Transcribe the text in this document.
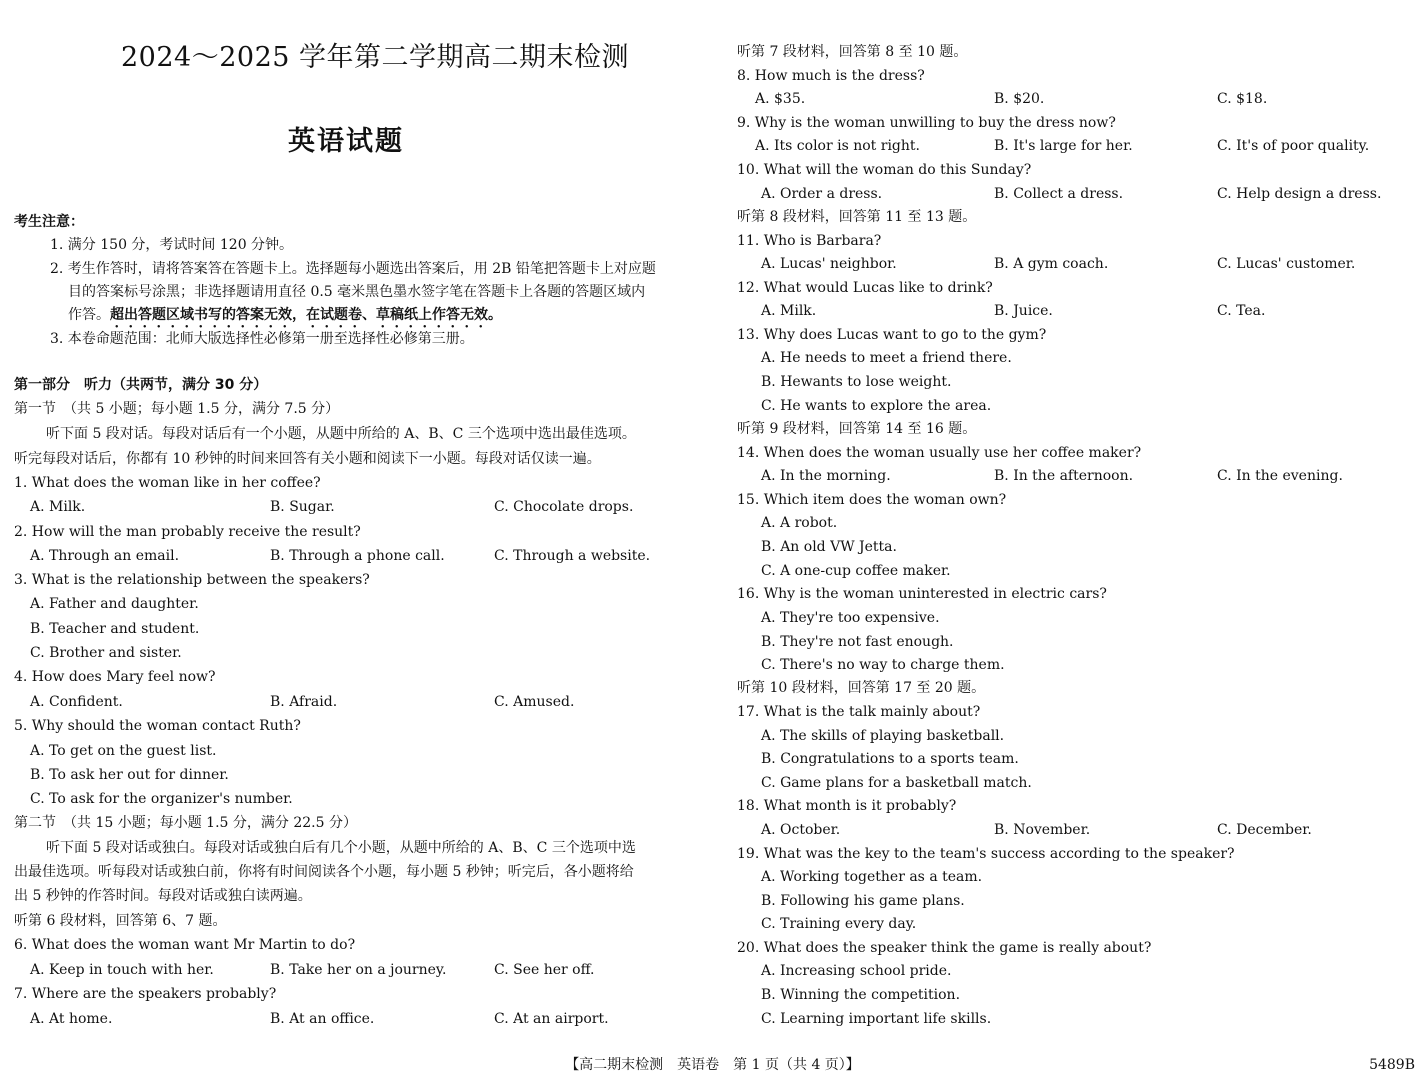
2024～2025 学年第二学期高二期末检测
英语试题
考生注意：
1. 满分 150 分，考试时间 120 分钟。
2. 考生作答时，请将答案答在答题卡上。选择题每小题选出答案后，用 2B 铅笔把答题卡上对应题
目的答案标号涂黑；非选择题请用直径 0.5 毫米黑色墨水签字笔在答题卡上各题的答题区域内
作答。超出答题区域书写的答案无效，在试题卷、草稿纸上作答无效。
3. 本卷命题范围：北师大版选择性必修第一册至选择性必修第三册。
第一部分　听力（共两节，满分 30 分）
第一节　（共 5 小题；每小题 1.5 分，满分 7.5 分）
听下面 5 段对话。每段对话后有一个小题，从题中所给的 A、B、C 三个选项中选出最佳选项。
听完每段对话后，你都有 10 秒钟的时间来回答有关小题和阅读下一小题。每段对话仅读一遍。
1. What does the woman like in her coffee?
A. Milk.	B. Sugar.	C. Chocolate drops.
2. How will the man probably receive the result?
A. Through an email.	B. Through a phone call.	C. Through a website.
3. What is the relationship between the speakers?
A. Father and daughter.
B. Teacher and student.
C. Brother and sister.
4. How does Mary feel now?
A. Confident.	B. Afraid.	C. Amused.
5. Why should the woman contact Ruth?
A. To get on the guest list.
B. To ask her out for dinner.
C. To ask for the organizer's number.
第二节　（共 15 小题；每小题 1.5 分，满分 22.5 分）
听下面 5 段对话或独白。每段对话或独白后有几个小题，从题中所给的 A、B、C 三个选项中选
出最佳选项。听每段对话或独白前，你将有时间阅读各个小题，每小题 5 秒钟；听完后，各小题将给
出 5 秒钟的作答时间。每段对话或独白读两遍。
听第 6 段材料，回答第 6、7 题。
6. What does the woman want Mr Martin to do?
A. Keep in touch with her.	B. Take her on a journey.	C. See her off.
7. Where are the speakers probably?
A. At home.	B. At an office.	C. At an airport.
听第 7 段材料，回答第 8 至 10 题。
8. How much is the dress?
A. $35.	B. $20.	C. $18.
9. Why is the woman unwilling to buy the dress now?
A. Its color is not right.	B. It's large for her.	C. It's of poor quality.
10. What will the woman do this Sunday?
A. Order a dress.	B. Collect a dress.	C. Help design a dress.
听第 8 段材料，回答第 11 至 13 题。
11. Who is Barbara?
A. Lucas' neighbor.	B. A gym coach.	C. Lucas' customer.
12. What would Lucas like to drink?
A. Milk.	B. Juice.	C. Tea.
13. Why does Lucas want to go to the gym?
A. He needs to meet a friend there.
B. Hewants to lose weight.
C. He wants to explore the area.
听第 9 段材料，回答第 14 至 16 题。
14. When does the woman usually use her coffee maker?
A. In the morning.	B. In the afternoon.	C. In the evening.
15. Which item does the woman own?
A. A robot.
B. An old VW Jetta.
C. A one-cup coffee maker.
16. Why is the woman uninterested in electric cars?
A. They're too expensive.
B. They're not fast enough.
C. There's no way to charge them.
听第 10 段材料，回答第 17 至 20 题。
17. What is the talk mainly about?
A. The skills of playing basketball.
B. Congratulations to a sports team.
C. Game plans for a basketball match.
18. What month is it probably?
A. October.	B. November.	C. December.
19. What was the key to the team's success according to the speaker?
A. Working together as a team.
B. Following his game plans.
C. Training every day.
20. What does the speaker think the game is really about?
A. Increasing school pride.
B. Winning the competition.
C. Learning important life skills.
【高二期末检测　英语卷　第 1 页（共 4 页）】	5489B
